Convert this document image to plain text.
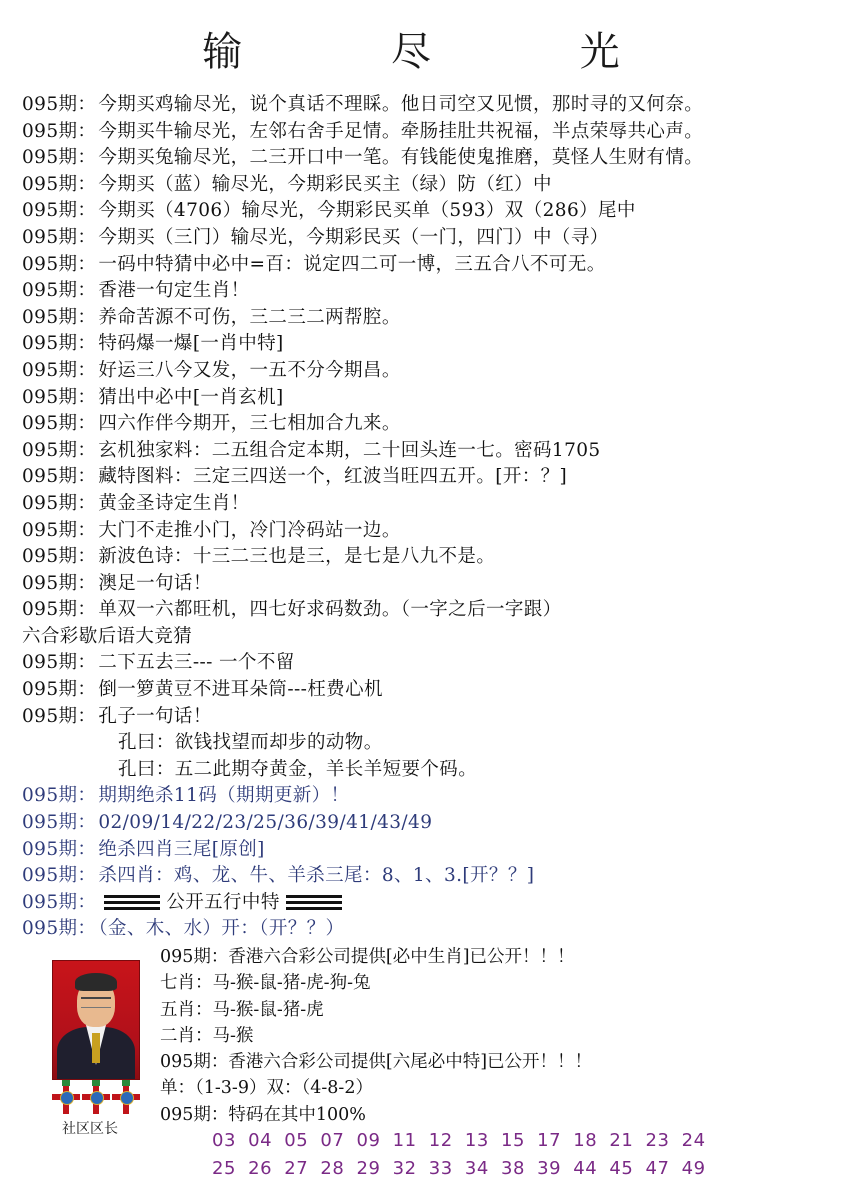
输 尽 光
095期： 今期买鸡输尽光，说个真话不理睬。他日司空又见惯，那时寻的又何奈。
095期： 今期买牛输尽光，左邻右舍手足情。牵肠挂肚共祝福，半点荣辱共心声。
095期： 今期买兔输尽光，二三开口中一笔。有钱能使鬼推磨，莫怪人生财有情。
095期： 今期买（蓝）输尽光，今期彩民买主（绿）防（红）中
095期： 今期买（4706）输尽光，今期彩民买单（593）双（286）尾中
095期： 今期买（三门）输尽光，今期彩民买（一门，四门）中（寻）
095期： 一码中特猜中必中=百：说定四二可一博，三五合八不可无。
095期： 香港一句定生肖！
095期： 养命苦源不可伤，三二三二两帮腔。
095期： 特码爆一爆[一肖中特]
095期： 好运三八今又发，一五不分今期昌。
095期： 猜出中必中[一肖玄机]
095期： 四六作伴今期开，三七相加合九来。
095期： 玄机独家料：二五组合定本期，二十回头连一七。密码1705
095期： 藏特图料：三定三四送一个，红波当旺四五开。[开：？]
095期： 黄金圣诗定生肖！
095期： 大门不走推小门，冷门冷码站一边。
095期： 新波色诗：十三二三也是三，是七是八九不是。
095期： 澳足一句话！
095期： 单双一六都旺机，四七好求码数劲。（一字之后一字跟）
六合彩歇后语大竞猜
095期： 二下五去三--- 一个不留
095期： 倒一箩黄豆不进耳朵筒---枉费心机
095期： 孔子一句话！
孔曰：欲钱找望而却步的动物。
孔曰：五二此期夺黄金，羊长羊短要个码。
095期： 期期绝杀11码（期期更新）！
095期： 02/09/14/22/23/25/36/39/41/43/49
095期： 绝杀四肖三尾[原创]
095期： 杀四肖：鸡、龙、牛、羊杀三尾：8、1、3.[开？？]
095期：	公开五行中特
095期： （金、木、水）开：（开？？）
社区区长
095期：香港六合彩公司提供[必中生肖]已公开！！！
七肖：马-猴-鼠-猪-虎-狗-兔
五肖：马-猴-鼠-猪-虎
二肖：马-猴
095期：香港六合彩公司提供[六尾必中特]已公开！！！
单：（1-3-9）双：（4-8-2）
095期：特码在其中100%
03 04 05 07 09 11 12 13 15 17 18 21 23 24
25 26 27 28 29 32 33 34 38 39 44 45 47 49
